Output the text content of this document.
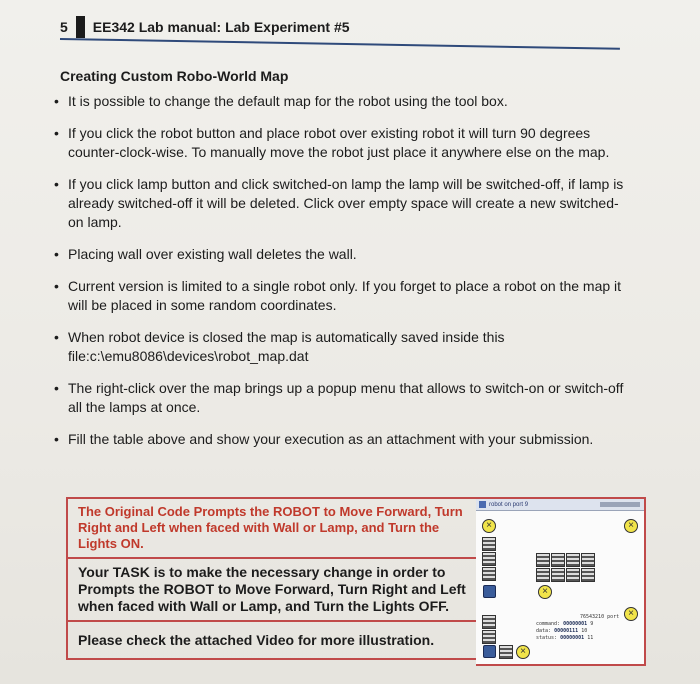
5 EE342 Lab manual: Lab Experiment #5
Creating Custom Robo-World Map
• It is possible to change the default map for the robot using the tool box.
• If you click the robot button and place robot over existing robot it will turn 90 degrees counter-clock-wise. To manually move the robot just place it anywhere else on the map.
• If you click lamp button and click switched-on lamp the lamp will be switched-off, if lamp is already switched-off it will be deleted. Click over empty space will create a new switched-on lamp.
• Placing wall over existing wall deletes the wall.
• Current version is limited to a single robot only. If you forget to place a robot on the map it will be placed in some random coordinates.
• When robot device is closed the map is automatically saved inside this file:c:\emu8086\devices\robot_map.dat
• The right-click over the map brings up a popup menu that allows to switch-on or switch-off all the lamps at once.
• Fill the table above and show your execution as an attachment with your submission.
The Original Code Prompts the ROBOT to Move Forward, Turn Right and Left when faced with Wall or Lamp, and Turn the Lights ON.
Your TASK is to make the necessary change in order to Prompts the ROBOT to Move Forward, Turn Right and Left when faced with Wall or Lamp, and Turn the Lights OFF.
Please check the attached Video for more illustration.
robot on port 9
×	×
×
×
×
76543210 port
command: 00000001 9
data: 00000111 10
status: 00000001 11
